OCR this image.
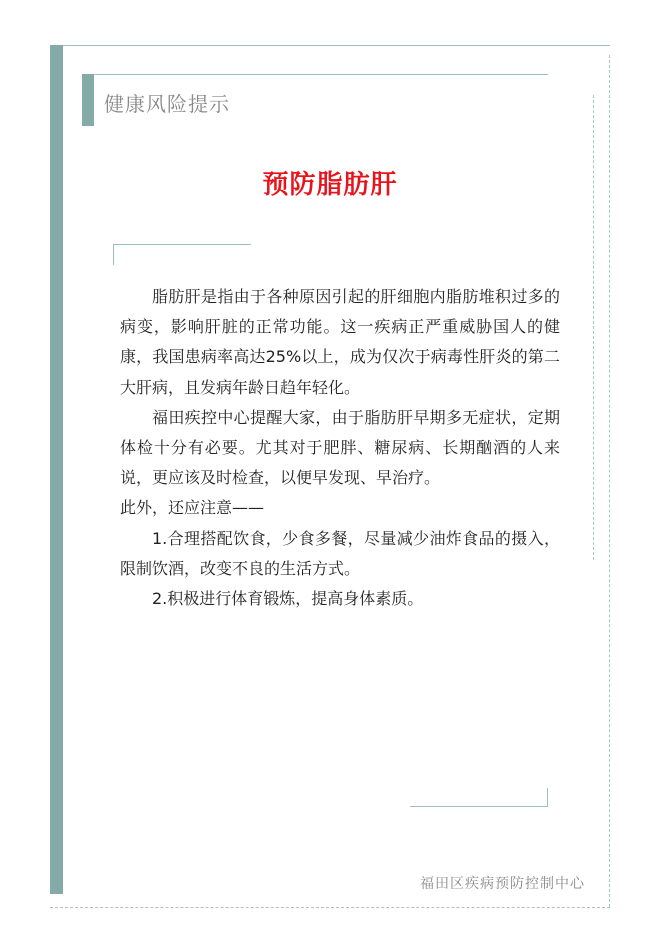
健康风险提示
预防脂肪肝

脂肪肝是指由于各种原因引起的肝细胞内脂肪堆积过多的病变，影响肝脏的正常功能。这一疾病正严重威胁国人的健康，我国患病率高达25%以上，成为仅次于病毒性肝炎的第二大肝病，且发病年龄日趋年轻化。

福田疾控中心提醒大家，由于脂肪肝早期多无症状，定期体检十分有必要。尤其对于肥胖、糖尿病、长期酗酒的人来说，更应该及时检查，以便早发现、早治疗。

此外，还应注意——

1.合理搭配饮食，少食多餐，尽量减少油炸食品的摄入，限制饮酒，改变不良的生活方式。

2.积极进行体育锻炼，提高身体素质。

福田区疾病预防控制中心
